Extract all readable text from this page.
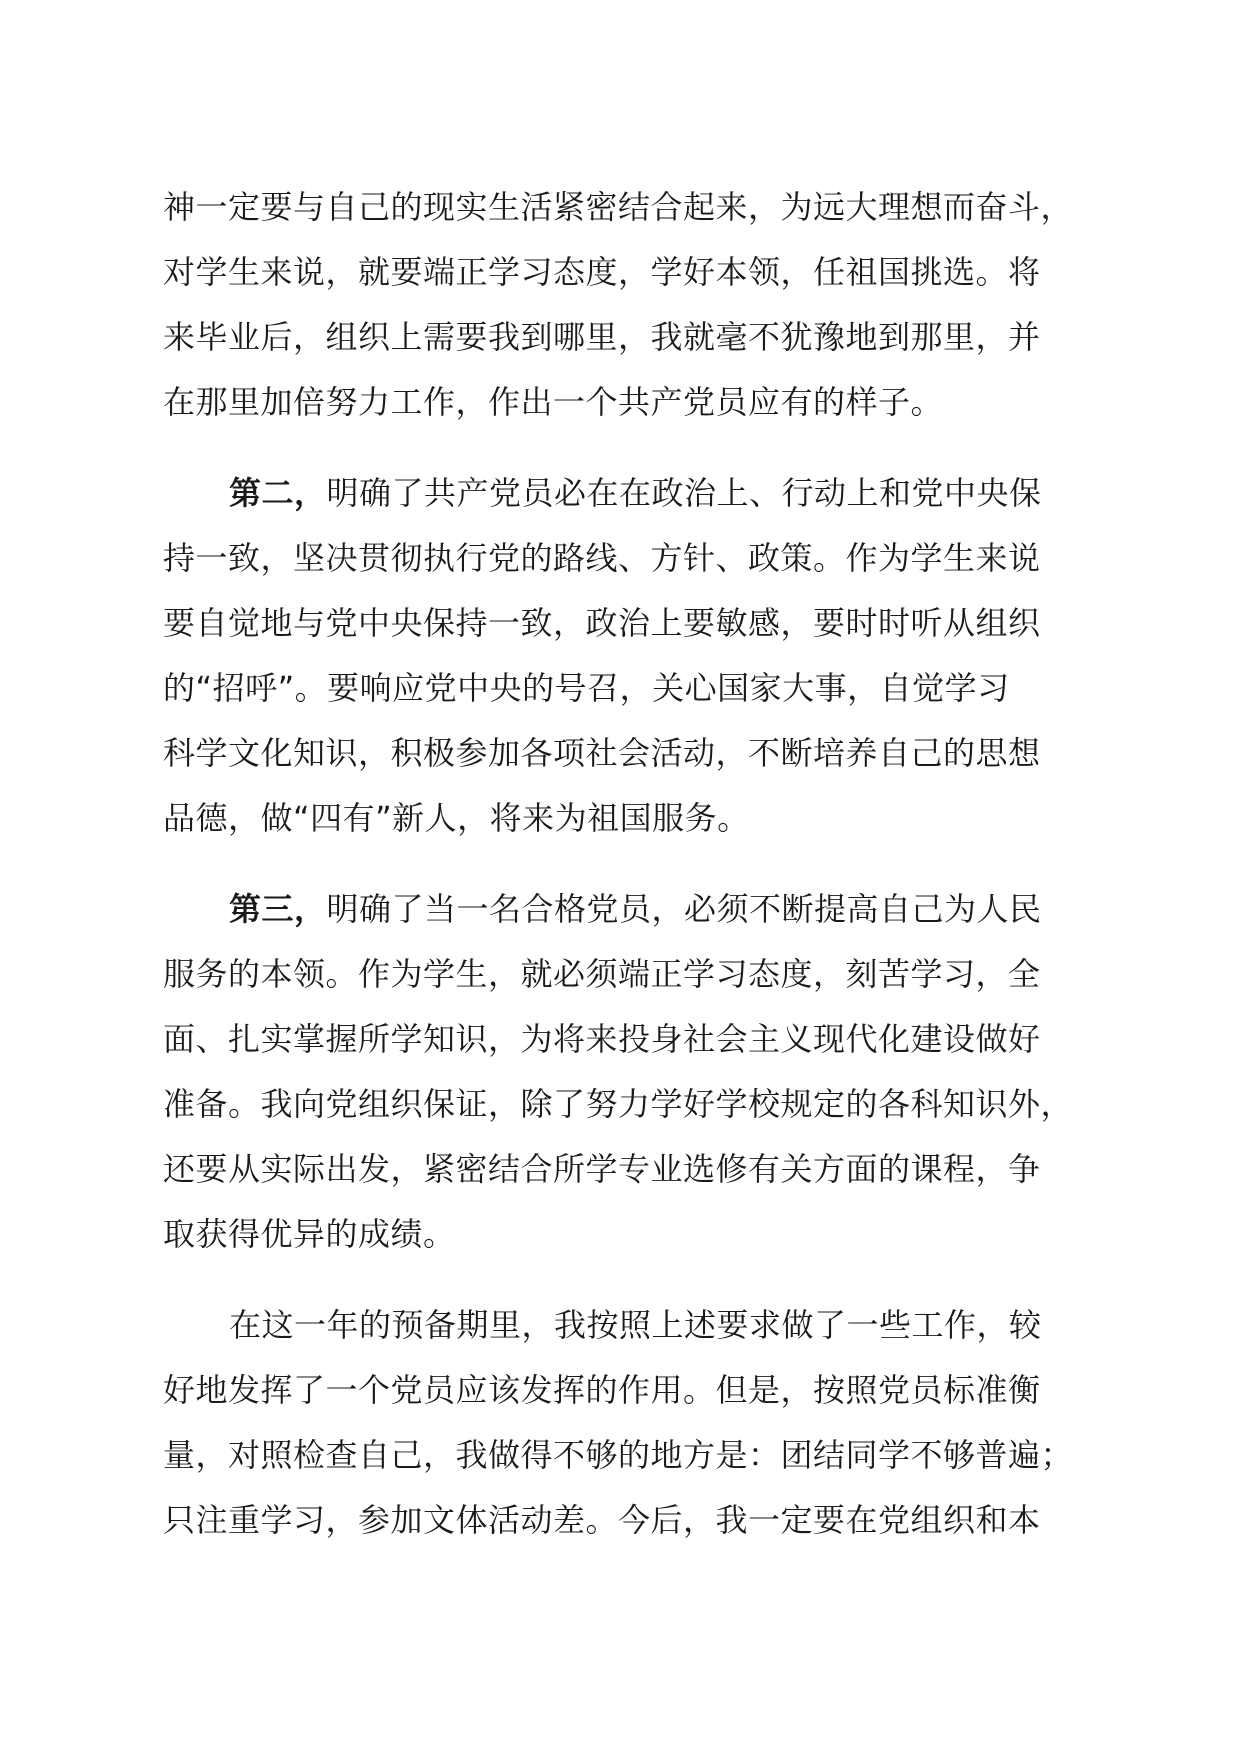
神一定要与自己的现实生活紧密结合起来，为远大理想而奋斗，
对学生来说，就要端正学习态度，学好本领，任祖国挑选。将
来毕业后，组织上需要我到哪里，我就毫不犹豫地到那里，并
在那里加倍努力工作，作出一个共产党员应有的样子。
第二，明确了共产党员必在在政治上、行动上和党中央保
持一致，坚决贯彻执行党的路线、方针、政策。作为学生来说
要自觉地与党中央保持一致，政治上要敏感，要时时听从组织
的“招呼”。要响应党中央的号召，关心国家大事，自觉学习
科学文化知识，积极参加各项社会活动，不断培养自己的思想
品德，做“四有”新人，将来为祖国服务。
第三，明确了当一名合格党员，必须不断提高自己为人民
服务的本领。作为学生，就必须端正学习态度，刻苦学习，全
面、扎实掌握所学知识，为将来投身社会主义现代化建设做好
准备。我向党组织保证，除了努力学好学校规定的各科知识外，
还要从实际出发，紧密结合所学专业选修有关方面的课程，争
取获得优异的成绩。
在这一年的预备期里，我按照上述要求做了一些工作，较
好地发挥了一个党员应该发挥的作用。但是，按照党员标准衡
量，对照检查自己，我做得不够的地方是：团结同学不够普遍；
只注重学习，参加文体活动差。今后，我一定要在党组织和本
